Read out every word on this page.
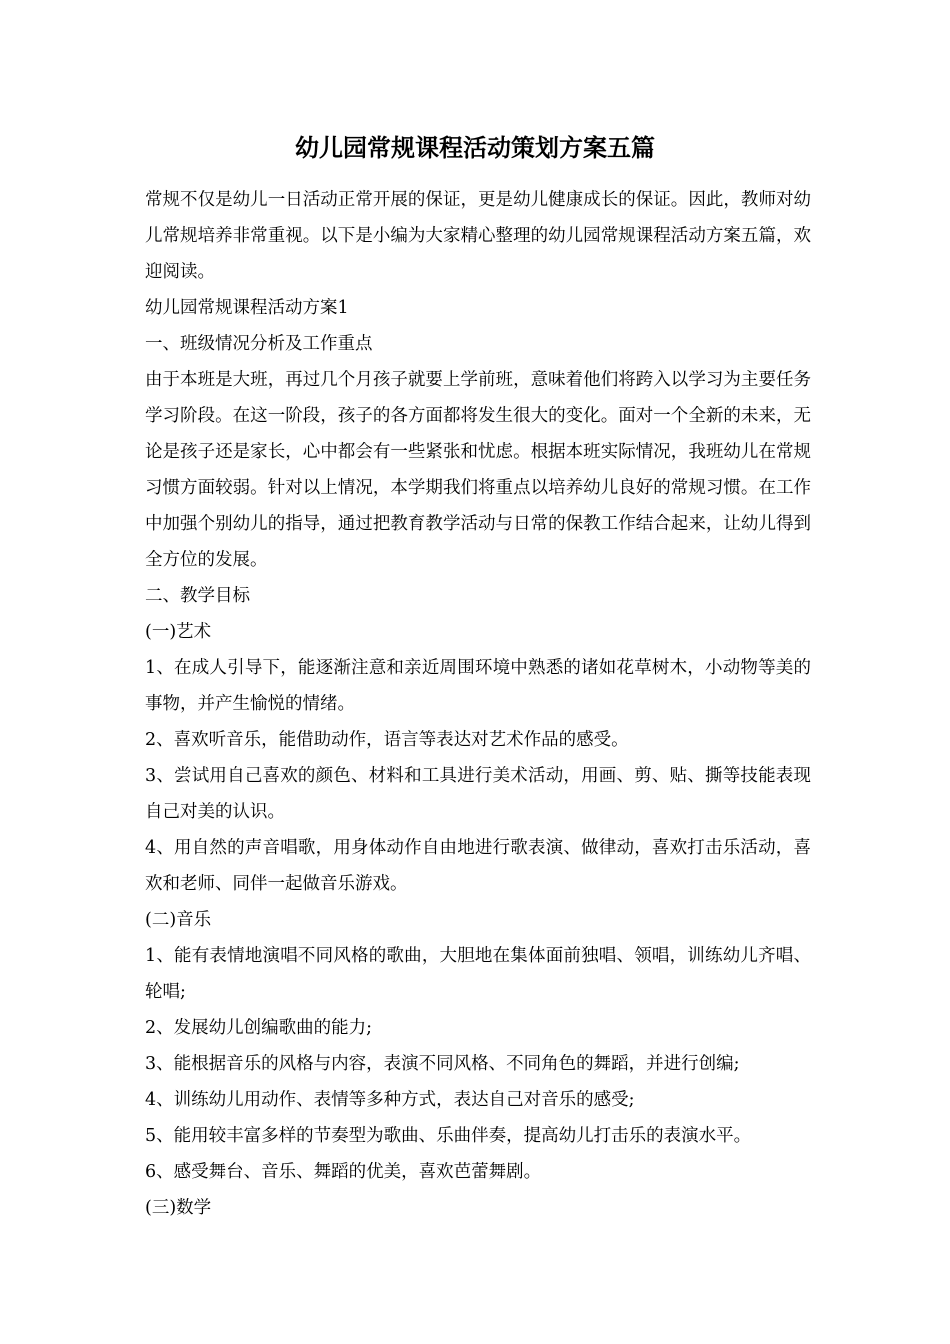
幼儿园常规课程活动策划方案五篇

常规不仅是幼儿一日活动正常开展的保证，更是幼儿健康成长的保证。因此，教师对幼儿常规培养非常重视。以下是小编为大家精心整理的幼儿园常规课程活动方案五篇，欢迎阅读。

幼儿园常规课程活动方案1

一、班级情况分析及工作重点

由于本班是大班，再过几个月孩子就要上学前班，意味着他们将跨入以学习为主要任务学习阶段。在这一阶段，孩子的各方面都将发生很大的变化。面对一个全新的未来，无论是孩子还是家长，心中都会有一些紧张和忧虑。根据本班实际情况，我班幼儿在常规习惯方面较弱。针对以上情况，本学期我们将重点以培养幼儿良好的常规习惯。在工作中加强个别幼儿的指导，通过把教育教学活动与日常的保教工作结合起来，让幼儿得到全方位的发展。

二、教学目标

(一)艺术

1、在成人引导下，能逐渐注意和亲近周围环境中熟悉的诸如花草树木，小动物等美的事物，并产生愉悦的情绪。

2、喜欢听音乐，能借助动作，语言等表达对艺术作品的感受。

3、尝试用自己喜欢的颜色、材料和工具进行美术活动，用画、剪、贴、撕等技能表现自己对美的认识。

4、用自然的声音唱歌，用身体动作自由地进行歌表演、做律动，喜欢打击乐活动，喜欢和老师、同伴一起做音乐游戏。

(二)音乐

1、能有表情地演唱不同风格的歌曲，大胆地在集体面前独唱、领唱，训练幼儿齐唱、轮唱;

2、发展幼儿创编歌曲的能力;

3、能根据音乐的风格与内容，表演不同风格、不同角色的舞蹈，并进行创编;

4、训练幼儿用动作、表情等多种方式，表达自己对音乐的感受;

5、能用较丰富多样的节奏型为歌曲、乐曲伴奏，提高幼儿打击乐的表演水平。

6、感受舞台、音乐、舞蹈的优美，喜欢芭蕾舞剧。

(三)数学
